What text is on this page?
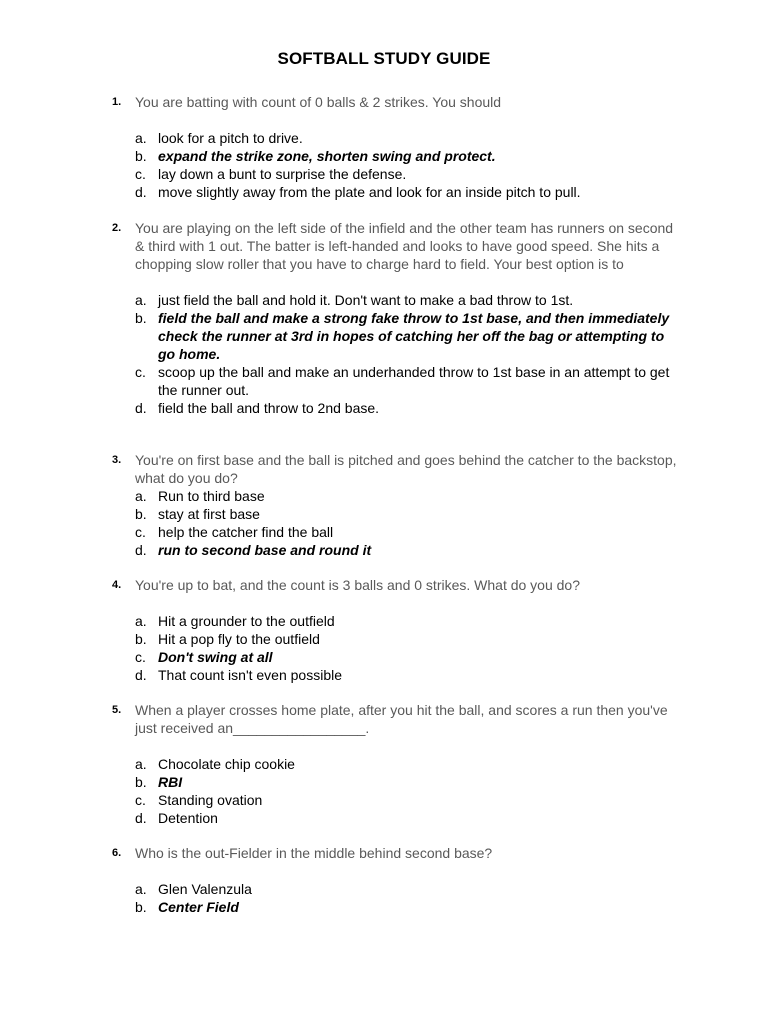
SOFTBALL STUDY GUIDE
1. You are batting with count of 0 balls & 2 strikes. You should
a. look for a pitch to drive.
b. expand the strike zone, shorten swing and protect.
c. lay down a bunt to surprise the defense.
d. move slightly away from the plate and look for an inside pitch to pull.
2. You are playing on the left side of the infield and the other team has runners on second & third with 1 out. The batter is left-handed and looks to have good speed. She hits a chopping slow roller that you have to charge hard to field. Your best option is to
a. just field the ball and hold it. Don't want to make a bad throw to 1st.
b. field the ball and make a strong fake throw to 1st base, and then immediately check the runner at 3rd in hopes of catching her off the bag or attempting to go home.
c. scoop up the ball and make an underhanded throw to 1st base in an attempt to get the runner out.
d. field the ball and throw to 2nd base.
3. You're on first base and the ball is pitched and goes behind the catcher to the backstop, what do you do?
a. Run to third base
b. stay at first base
c. help the catcher find the ball
d. run to second base and round it
4. You're up to bat, and the count is 3 balls and 0 strikes. What do you do?
a. Hit a grounder to the outfield
b. Hit a pop fly to the outfield
c. Don't swing at all
d. That count isn't even possible
5. When a player crosses home plate, after you hit the ball, and scores a run then you've just received an_________________.
a. Chocolate chip cookie
b. RBI
c. Standing ovation
d. Detention
6. Who is the out-Fielder in the middle behind second base?
a. Glen Valenzula
b. Center Field
